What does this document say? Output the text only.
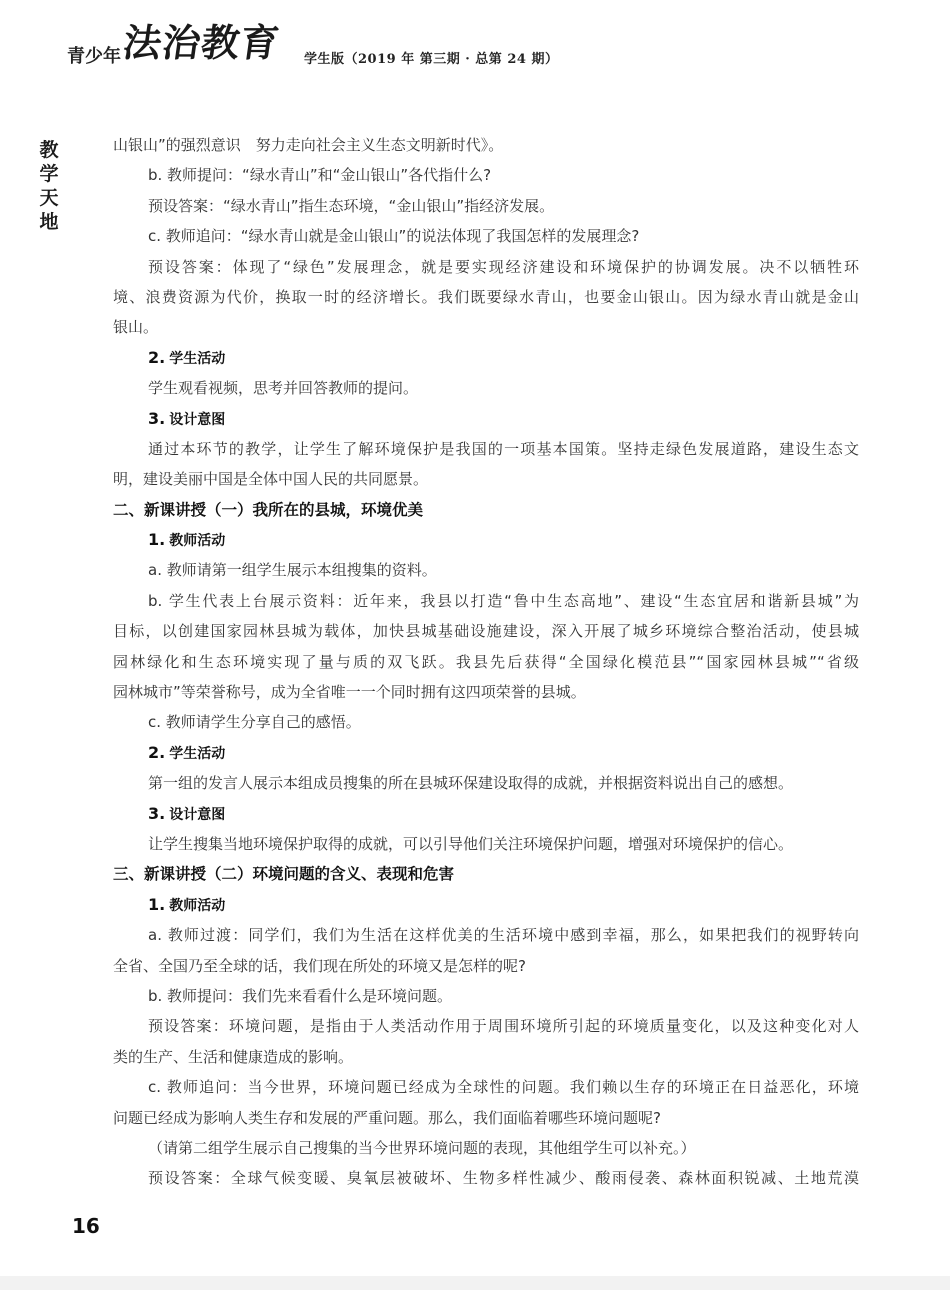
青少年 法治教育 学生版（2019 年 第三期 · 总第 24 期）
教
学
天
地
山银山”的强烈意识　努力走向社会主义生态文明新时代》。
b. 教师提问：“绿水青山”和“金山银山”各代指什么?
预设答案：“绿水青山”指生态环境，“金山银山”指经济发展。
c. 教师追问：“绿水青山就是金山银山”的说法体现了我国怎样的发展理念?
预设答案：体现了“绿色”发展理念，就是要实现经济建设和环境保护的协调发展。决不以牺牲环
境、浪费资源为代价，换取一时的经济增长。我们既要绿水青山，也要金山银山。因为绿水青山就是金山
银山。
2. 学生活动
学生观看视频，思考并回答教师的提问。
3. 设计意图
通过本环节的教学，让学生了解环境保护是我国的一项基本国策。坚持走绿色发展道路，建设生态文
明，建设美丽中国是全体中国人民的共同愿景。
二、新课讲授（一）我所在的县城，环境优美
1. 教师活动
a. 教师请第一组学生展示本组搜集的资料。
b. 学生代表上台展示资料：近年来，我县以打造“鲁中生态高地”、建设“生态宜居和谐新县城”为
目标，以创建国家园林县城为载体，加快县城基础设施建设，深入开展了城乡环境综合整治活动，使县城
园林绿化和生态环境实现了量与质的双飞跃。我县先后获得“全国绿化模范县”“国家园林县城”“省级
园林城市”等荣誉称号，成为全省唯一一个同时拥有这四项荣誉的县城。
c. 教师请学生分享自己的感悟。
2. 学生活动
第一组的发言人展示本组成员搜集的所在县城环保建设取得的成就，并根据资料说出自己的感想。
3. 设计意图
让学生搜集当地环境保护取得的成就，可以引导他们关注环境保护问题，增强对环境保护的信心。
三、新课讲授（二）环境问题的含义、表现和危害
1. 教师活动
a. 教师过渡：同学们，我们为生活在这样优美的生活环境中感到幸福，那么，如果把我们的视野转向
全省、全国乃至全球的话，我们现在所处的环境又是怎样的呢?
b. 教师提问：我们先来看看什么是环境问题。
预设答案：环境问题，是指由于人类活动作用于周围环境所引起的环境质量变化，以及这种变化对人
类的生产、生活和健康造成的影响。
c. 教师追问：当今世界，环境问题已经成为全球性的问题。我们赖以生存的环境正在日益恶化，环境
问题已经成为影响人类生存和发展的严重问题。那么，我们面临着哪些环境问题呢?
（请第二组学生展示自己搜集的当今世界环境问题的表现，其他组学生可以补充。）
预设答案：全球气候变暖、臭氧层被破坏、生物多样性减少、酸雨侵袭、森林面积锐减、土地荒漠
16
